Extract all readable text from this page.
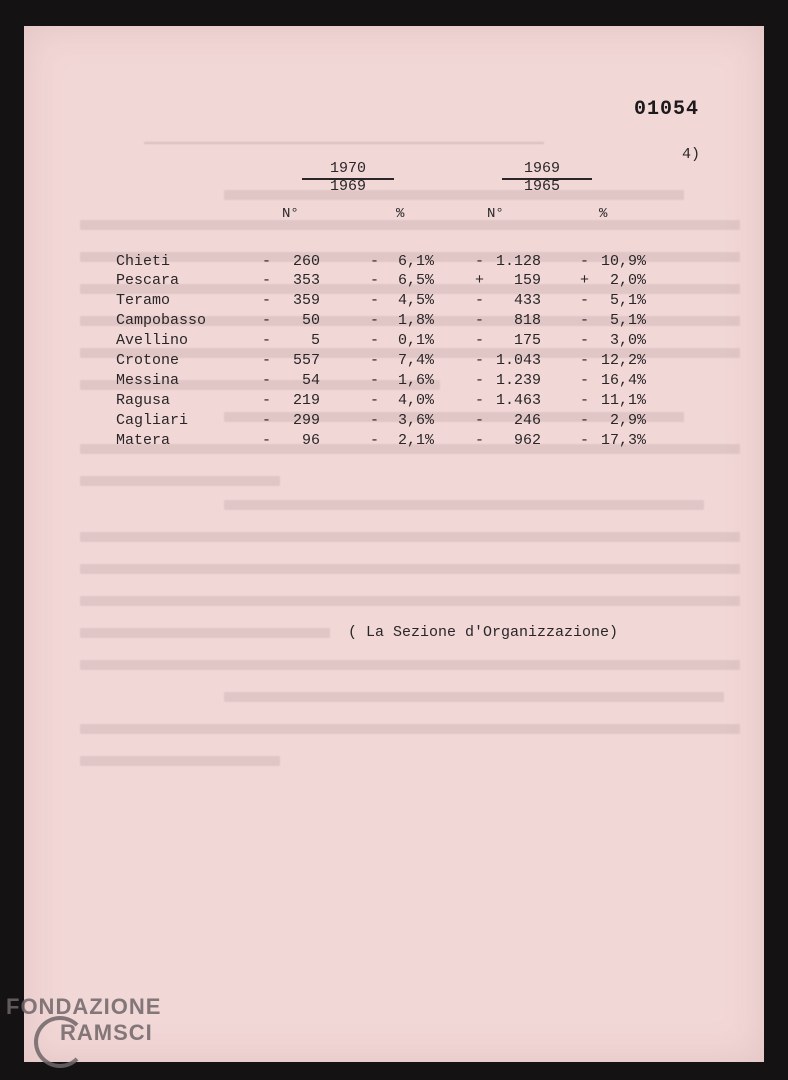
01054
4)
1970
1969
1969
1965
N°	%	N°	%
Chieti	-	260	-	6,1%	- 1.128	- 10,9%
Pescara	-	353	-	6,5%	+	159	+	2,0%
Teramo	-	359	-	4,5%	-	433	-	5,1%
Campobasso	-	50	-	1,8%	-	818	-	5,1%
Avellino	-	5	-	0,1%	-	175	-	3,0%
Crotone	-	557	-	7,4%	- 1.043	- 12,2%
Messina	-	54	-	1,6%	- 1.239	- 16,4%
Ragusa	-	219	-	4,0%	- 1.463	- 11,1%
Cagliari	-	299	-	3,6%	-	246	-	2,9%
Matera	-	96	-	2,1%	-	962	- 17,3%
( La Sezione d'Organizzazione)
FONDAZIONE
RAMSCI
